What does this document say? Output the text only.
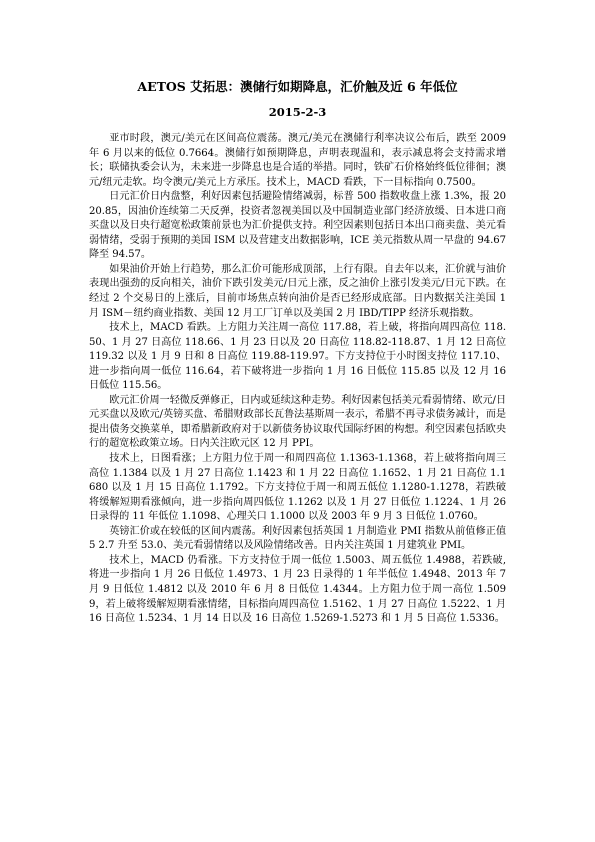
AETOS 艾拓思：澳储行如期降息，汇价触及近 6 年低位
2015-2-3

亚市时段，澳元/美元在区间高位震荡。澳元/美元在澳储行利率决议公布后，跌至 2009 年 6 月以来的低位 0.7664。澳储行如预期降息，声明表现温和，表示减息将会支持需求增长；联储执委会认为，未来进一步降息也是合适的举措。同时，铁矿石价格始终低位徘徊；澳元/纽元走软。均令澳元/美元上方承压。技术上，MACD 看跌，下一目标指向 0.7500。

日元汇价日内盘整，利好因素包括避险情绪减弱，标普 500 指数收盘上涨 1.3%，报 2020.85，因油价连续第二天反弹，投资者忽视美国以及中国制造业部门经济放缓、日本进口商买盘以及日央行超宽松政策前景也为汇价提供支持。利空因素则包括日本出口商卖盘、美元看弱情绪，受弱于预期的美国 ISM 以及营建支出数据影响，ICE 美元指数从周一早盘的 94.67 降至 94.57。

如果油价开始上行趋势，那么汇价可能形成顶部，上行有限。自去年以来，汇价就与油价表现出强劲的反向相关，油价下跌引发美元/日元上涨，反之油价上涨引发美元/日元下跌。在经过 2 个交易日的上涨后，目前市场焦点转向油价是否已经形成底部。日内数据关注美国 1 月 ISM－纽约商业指数、美国 12 月工厂订单以及美国 2 月 IBD/TIPP 经济乐观指数。

技术上，MACD 看跌。上方阻力关注周一高位 117.88，若上破，将指向周四高位 118.50、1 月 27 日高位 118.66、1 月 23 日以及 20 日高位 118.82-118.87、1 月 12 日高位 119.32 以及 1 月 9 日和 8 日高位 119.88-119.97。下方支持位于小时图支持位 117.10、进一步指向周一低位 116.64，若下破将进一步指向 1 月 16 日低位 115.85 以及 12 月 16 日低位 115.56。

欧元汇价周一轻微反弹修正，日内或延续这种走势。利好因素包括美元看弱情绪、欧元/日元买盘以及欧元/英镑买盘、希腊财政部长瓦鲁法基斯周一表示，希腊不再寻求债务减计，而是提出债务交换菜单，即希腊新政府对于以新债务协议取代国际纾困的构想。利空因素包括欧央行的超宽松政策立场。日内关注欧元区 12 月 PPI。

技术上，日图看涨；上方阻力位于周一和周四高位 1.1363-1.1368，若上破将指向周三高位 1.1384 以及 1 月 27 日高位 1.1423 和 1 月 22 日高位 1.1652、1 月 21 日高位 1.1680 以及 1 月 15 日高位 1.1792。下方支持位于周一和周五低位 1.1280-1.1278，若跌破将缓解短期看涨倾向，进一步指向周四低位 1.1262 以及 1 月 27 日低位 1.1224、1 月 26 日录得的 11 年低位 1.1098、心理关口 1.1000 以及 2003 年 9 月 3 日低位 1.0760。

英镑汇价或在较低的区间内震荡。利好因素包括英国 1 月制造业 PMI 指数从前值修正值 5 2.7 升至 53.0、美元看弱情绪以及风险情绪改善。日内关注英国 1 月建筑业 PMI。

技术上，MACD 仍看涨。下方支持位于周一低位 1.5003、周五低位 1.4988，若跌破,将进一步指向 1 月 26 日低位 1.4973、1 月 23 日录得的 1 年半低位 1.4948、2013 年 7 月 9 日低位 1.4812 以及 2010 年 6 月 8 日低位 1.4344。上方阻力位于周一高位 1.5099，若上破将缓解短期看涨情绪，目标指向周四高位 1.5162、1 月 27 日高位 1.5222、1 月 16 日高位 1.5234、1 月 14 日以及 16 日高位 1.5269-1.5273 和 1 月 5 日高位 1.5336。
